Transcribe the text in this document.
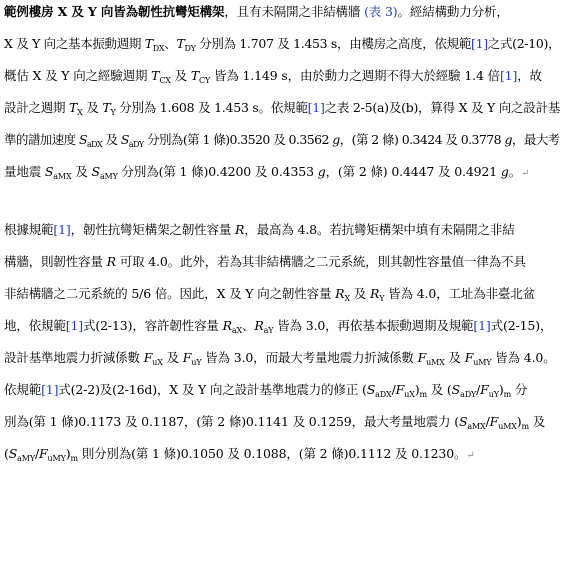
範例樓房 X 及 Y 向皆為韌性抗彎矩構架，且有未隔開之非結構牆 (表 3)。經結構動力分析，
X 及 Y 向之基本振動週期 $T_{DX}$、$T_{DY}$ 分別為 1.707 及 1.453 s，由樓房之高度，依規範[1]之式(2-10)，
概估 X 及 Y 向之經驗週期 $T_{CX}$ 及 $T_{CY}$ 皆為 1.149 s，由於動力之週期不得大於經驗 1.4 倍[1]，故
設計之週期 $T_X$ 及 $T_Y$ 分別為 1.608 及 1.453 s。依規範[1]之表 2-5(a)及(b)，算得 X 及 Y 向之設計基
準的譜加速度 $S_{aDX}$ 及 $S_{aDY}$ 分別為(第 1 條)0.3520 及 0.3562 g，(第 2 條) 0.3424 及 0.3778 g，最大考
量地震 $S_{aMX}$ 及 $S_{aMY}$ 分別為(第 1 條)0.4200 及 0.4353 g，(第 2 條) 0.4447 及 0.4921 g。↵
根據規範[1]，韌性抗彎矩構架之韌性容量 R，最高為 4.8。若抗彎矩構架中填有未隔開之非結
構牆，則韌性容量 R 可取 4.0。此外，若為其非結構牆之二元系統，則其韌性容量值一律為不具
非結構牆之二元系統的 5/6 倍。因此，X 及 Y 向之韌性容量 $R_X$ 及 $R_Y$ 皆為 4.0，工址為非臺北盆
地，依規範[1]式(2-13)，容許韌性容量 $R_{aX}$、$R_{aY}$ 皆為 3.0，再依基本振動週期及規範[1]式(2-15)，
設計基準地震力折減係數 $F_{uX}$ 及 $F_{uY}$ 皆為 3.0，而最大考量地震力折減係數 $F_{uMX}$ 及 $F_{uMY}$ 皆為 4.0。
依規範[1]式(2-2)及(2-16d)，X 及 Y 向之設計基準地震力的修正 $(S_{aDX}/F_{uX})_m$ 及 $(S_{aDY}/F_{uY})_m$ 分
別為(第 1 條)0.1173 及 0.1187，(第 2 條)0.1141 及 0.1259，最大考量地震力 $(S_{aMX}/F_{uMX})_m$ 及
$(S_{aMY}/F_{uMY})_m$ 則分別為(第 1 條)0.1050 及 0.1088，(第 2 條)0.1112 及 0.1230。↵
